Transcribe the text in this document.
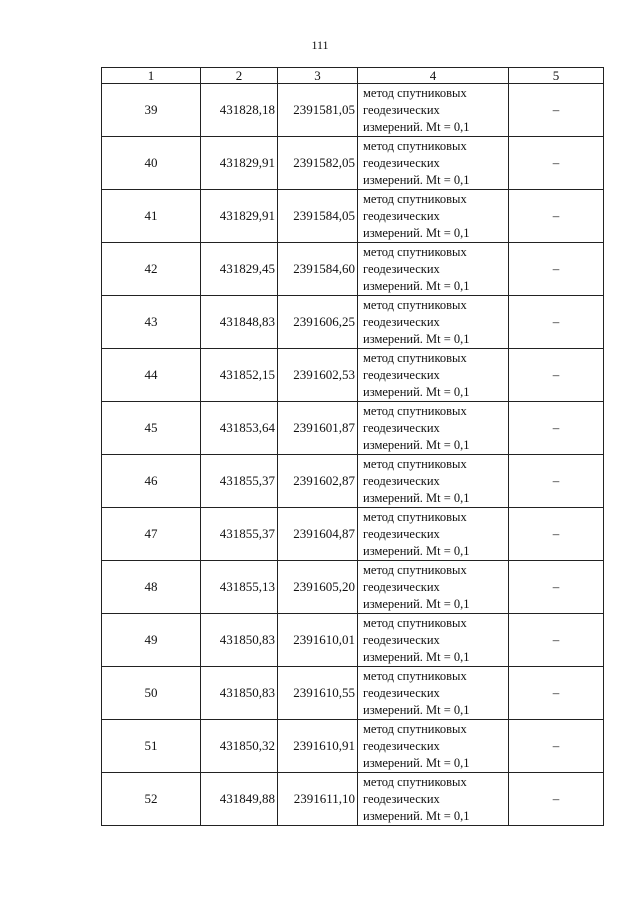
111
1	2	3	4	5
39	431828,18	2391581,05	метод спутниковых
геодезических
измерений. Mt = 0,1	–
40	431829,91	2391582,05	метод спутниковых
геодезических
измерений. Mt = 0,1	–
41	431829,91	2391584,05	метод спутниковых
геодезических
измерений. Mt = 0,1	–
42	431829,45	2391584,60	метод спутниковых
геодезических
измерений. Mt = 0,1	–
43	431848,83	2391606,25	метод спутниковых
геодезических
измерений. Mt = 0,1	–
44	431852,15	2391602,53	метод спутниковых
геодезических
измерений. Mt = 0,1	–
45	431853,64	2391601,87	метод спутниковых
геодезических
измерений. Mt = 0,1	–
46	431855,37	2391602,87	метод спутниковых
геодезических
измерений. Mt = 0,1	–
47	431855,37	2391604,87	метод спутниковых
геодезических
измерений. Mt = 0,1	–
48	431855,13	2391605,20	метод спутниковых
геодезических
измерений. Mt = 0,1	–
49	431850,83	2391610,01	метод спутниковых
геодезических
измерений. Mt = 0,1	–
50	431850,83	2391610,55	метод спутниковых
геодезических
измерений. Mt = 0,1	–
51	431850,32	2391610,91	метод спутниковых
геодезических
измерений. Mt = 0,1	–
52	431849,88	2391611,10	метод спутниковых
геодезических
измерений. Mt = 0,1	–
